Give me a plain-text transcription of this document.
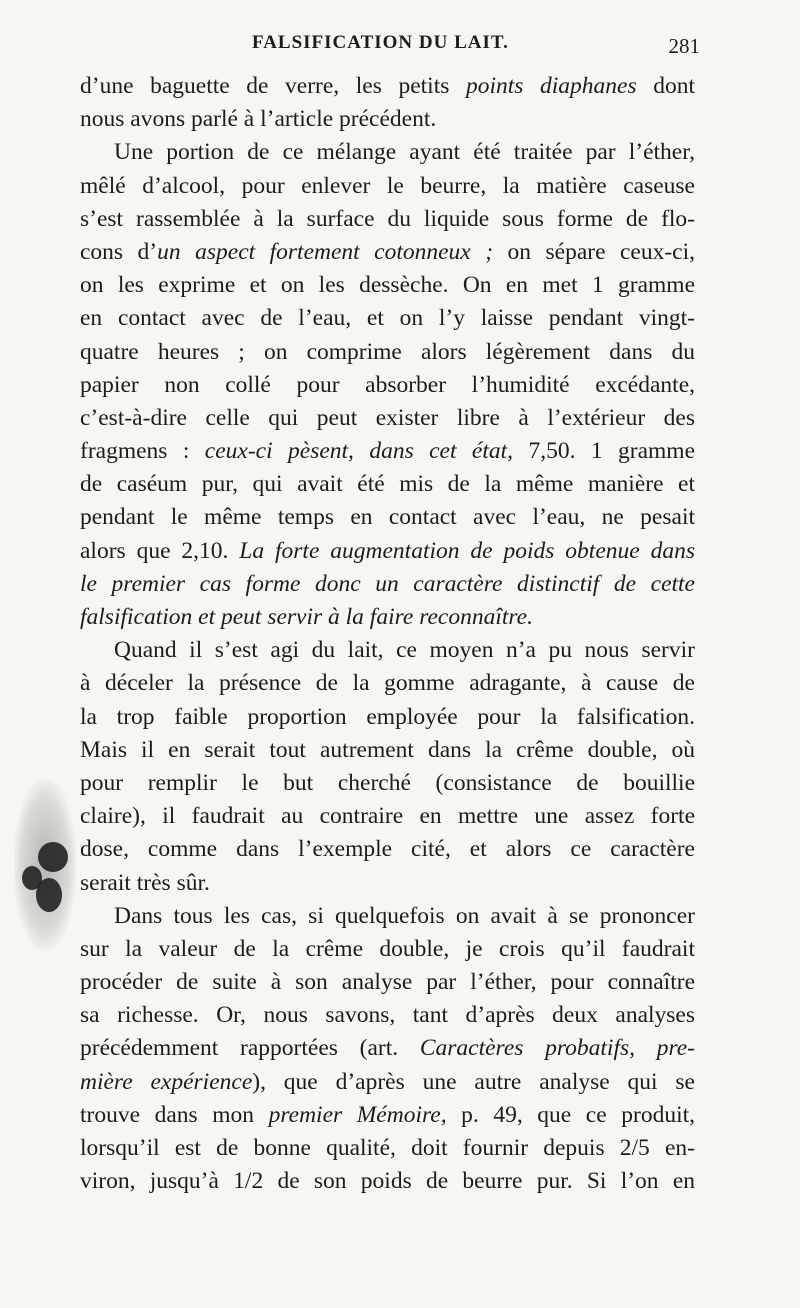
FALSIFICATION DU LAIT.	281
d’une baguette de verre, les petits points diaphanes dont
nous avons parlé à l’article précédent.
Une portion de ce mélange ayant été traitée par l’éther,
mêlé d’alcool, pour enlever le beurre, la matière caseuse
s’est rassemblée à la surface du liquide sous forme de flo-
cons d’un aspect fortement cotonneux ; on sépare ceux-ci,
on les exprime et on les dessèche. On en met 1 gramme
en contact avec de l’eau, et on l’y laisse pendant vingt-
quatre heures ; on comprime alors légèrement dans du
papier non collé pour absorber l’humidité excédante,
c’est-à-dire celle qui peut exister libre à l’extérieur des
fragmens : ceux-ci pèsent, dans cet état, 7,50. 1 gramme
de caséum pur, qui avait été mis de la même manière et
pendant le même temps en contact avec l’eau, ne pesait
alors que 2,10. La forte augmentation de poids obtenue dans
le premier cas forme donc un caractère distinctif de cette
falsification et peut servir à la faire reconnaître.
Quand il s’est agi du lait, ce moyen n’a pu nous servir
à déceler la présence de la gomme adragante, à cause de
la trop faible proportion employée pour la falsification.
Mais il en serait tout autrement dans la crême double, où
pour remplir le but cherché (consistance de bouillie
claire), il faudrait au contraire en mettre une assez forte
dose, comme dans l’exemple cité, et alors ce caractère
serait très sûr.
Dans tous les cas, si quelquefois on avait à se prononcer
sur la valeur de la crême double, je crois qu’il faudrait
procéder de suite à son analyse par l’éther, pour connaître
sa richesse. Or, nous savons, tant d’après deux analyses
précédemment rapportées (art. Caractères probatifs, pre-
mière expérience), que d’après une autre analyse qui se
trouve dans mon premier Mémoire, p. 49, que ce produit,
lorsqu’il est de bonne qualité, doit fournir depuis 2/5 en-
viron, jusqu’à 1/2 de son poids de beurre pur. Si l’on en
